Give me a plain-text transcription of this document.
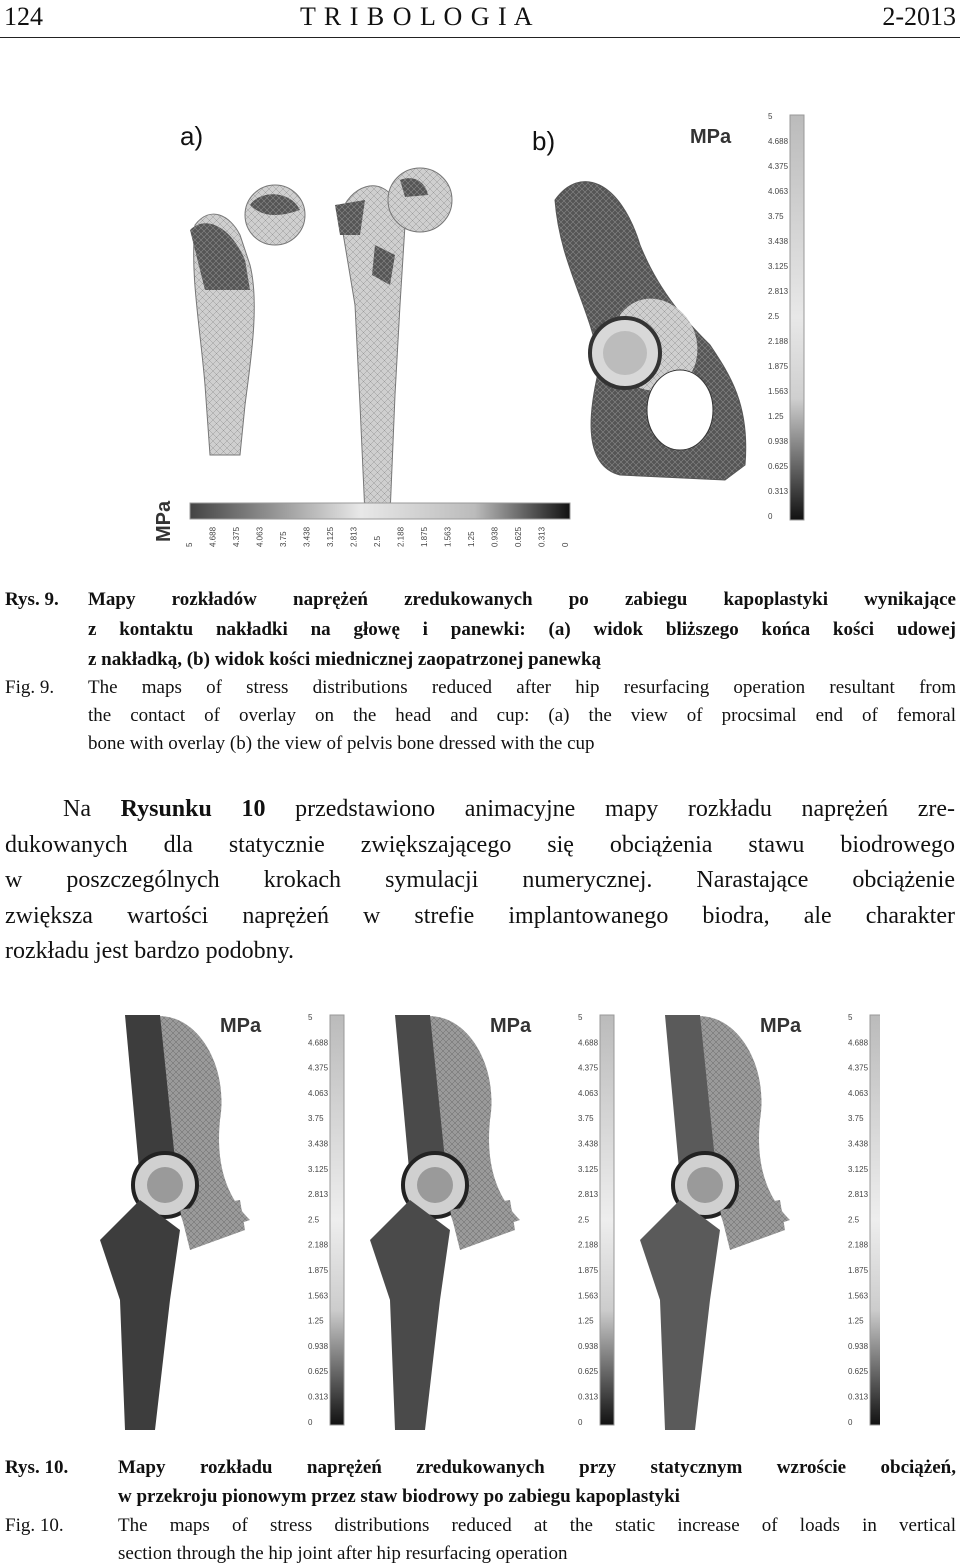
124	T R I B O L O G I A	2-2013
a)	b)	MPa
5
4.688
4.375
4.063
3.75
3.438
3.125
2.813
2.5
2.188
1.875
1.563
1.25
0.938
0.625
0.313
0
MPa
5 4.688 4.375 4.063 3.75 3.438 3.125 2.813 2.5 2.188 1.875 1.563 1.25 0.938 0.625 0.313 0
Rys. 9. Mapy rozkładów naprężeń zredukowanych po zabiegu kapoplastyki wynikające
z kontaktu nakładki na głowę i panewki: (a) widok bliższego końca kości udowej
z nakładką, (b) widok kości miednicznej zaopatrzonej panewką
Fig. 9. The maps of stress distributions reduced after hip resurfacing operation resultant from
the contact of overlay on the head and cup: (a) the view of procsimal end of femoral
bone with overlay (b) the view of pelvis bone dressed with the cup
Na Rysunku 10 przedstawiono animacyjne mapy rozkładu naprężeń zre-
dukowanych dla statycznie zwiększającego się obciążenia stawu biodrowego
w poszczególnych krokach symulacji numerycznej. Narastające obciążenie
zwiększa wartości naprężeń w strefie implantowanego biodra, ale charakter
rozkładu jest bardzo podobny.
MPa	5
4.688
4.375
4.063
3.75
3.438
3.125
2.813
2.5
2.188
1.875
1.563
1.25
0.938
0.625
0.313
0
MPa	5
4.688
4.375
4.063
3.75
3.438
3.125
2.813
2.5
2.188
1.875
1.563
1.25
0.938
0.625
0.313
0
MPa	5
4.688
4.375
4.063
3.75
3.438
3.125
2.813
2.5
2.188
1.875
1.563
1.25
0.938
0.625
0.313
0
Rys. 10.	Mapy rozkładu naprężeń zredukowanych przy statycznym wzroście obciążeń,
w przekroju pionowym przez staw biodrowy po zabiegu kapoplastyki
Fig. 10.	The maps of stress distributions reduced at the static increase of loads in vertical
section through the hip joint after hip resurfacing operation
